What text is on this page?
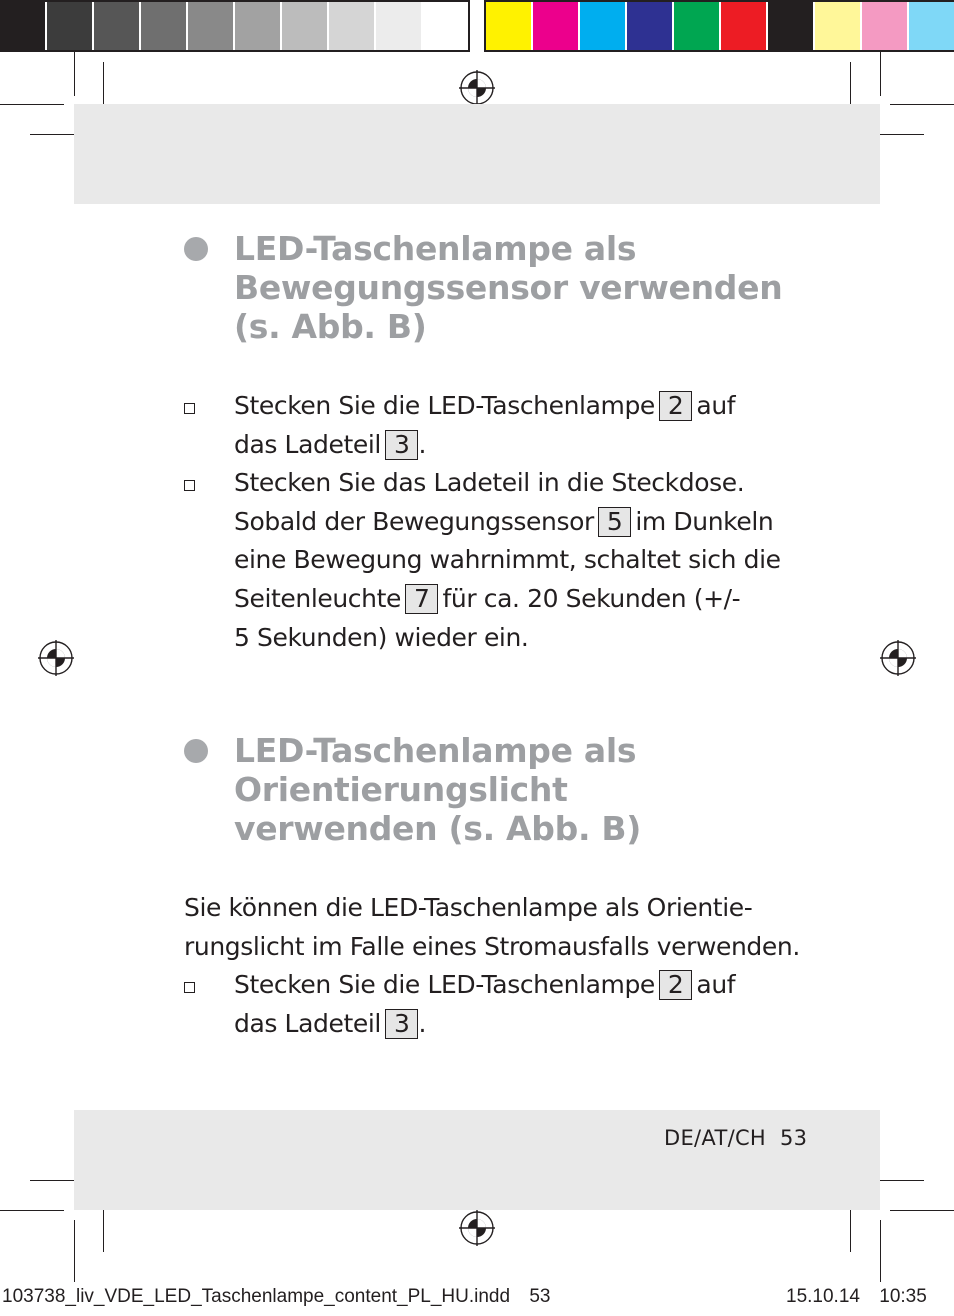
LED-Taschenlampe als
Bewegungssensor verwenden
(s. Abb. B)
Stecken Sie die LED-Taschenlampe 2 auf
das Ladeteil 3 .
Stecken Sie das Ladeteil in die Steckdose.
Sobald der Bewegungssensor 5 im Dunkeln
eine Bewegung wahrnimmt, schaltet sich die
Seitenleuchte 7 für ca. 20 Sekunden (+/-
5 Sekunden) wieder ein.
LED-Taschenlampe als
Orientierungslicht
verwenden (s. Abb. B)
Sie können die LED-Taschenlampe als Orientie-
rungslicht im Falle eines Stromausfalls verwenden.
Stecken Sie die LED-Taschenlampe 2 auf
das Ladeteil 3 .
DE/AT/CH 53
103738_liv_VDE_LED_Taschenlampe_content_PL_HU.indd 53	15.10.14 10:35
